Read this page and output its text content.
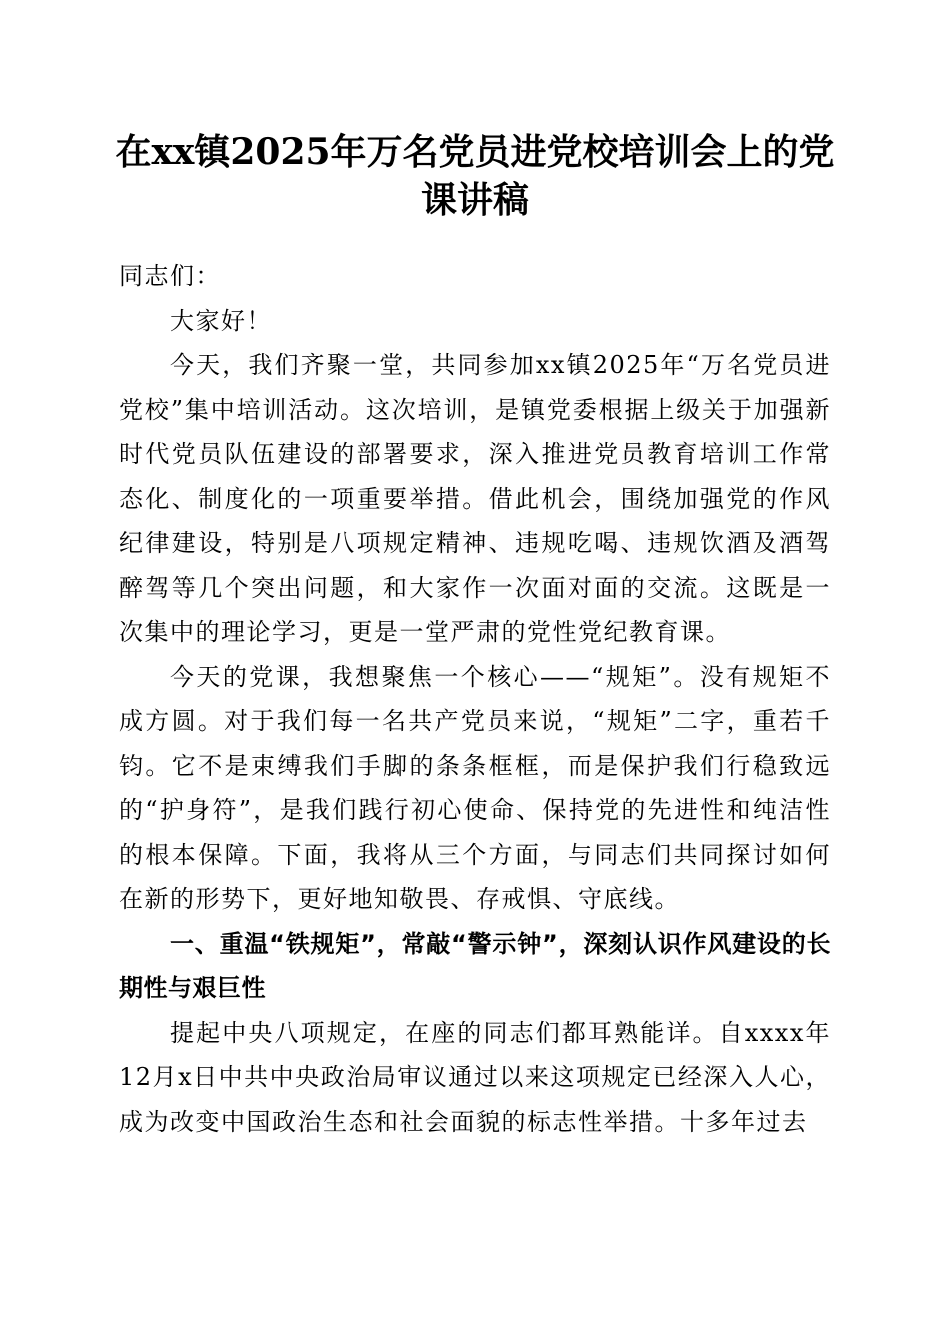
在xx镇2025年万名党员进党校培训会上的党
课讲稿

同志们：

大家好！

今天，我们齐聚一堂，共同参加xx镇2025年“万名党员进党校”集中培训活动。这次培训，是镇党委根据上级关于加强新时代党员队伍建设的部署要求，深入推进党员教育培训工作常态化、制度化的一项重要举措。借此机会，围绕加强党的作风纪律建设，特别是八项规定精神、违规吃喝、违规饮酒及酒驾醉驾等几个突出问题，和大家作一次面对面的交流。这既是一次集中的理论学习，更是一堂严肃的党性党纪教育课。

今天的党课，我想聚焦一个核心——“规矩”。没有规矩不成方圆。对于我们每一名共产党员来说，“规矩”二字，重若千钧。它不是束缚我们手脚的条条框框，而是保护我们行稳致远的“护身符”，是我们践行初心使命、保持党的先进性和纯洁性的根本保障。下面，我将从三个方面，与同志们共同探讨如何在新的形势下，更好地知敬畏、存戒惧、守底线。

一、重温“铁规矩”，常敲“警示钟”，深刻认识作风建设的长期性与艰巨性

提起中央八项规定，在座的同志们都耳熟能详。自xxxx年12月x日中共中央政治局审议通过以来这项规定已经深入人心，成为改变中国政治生态和社会面貌的标志性举措。十多年过去
